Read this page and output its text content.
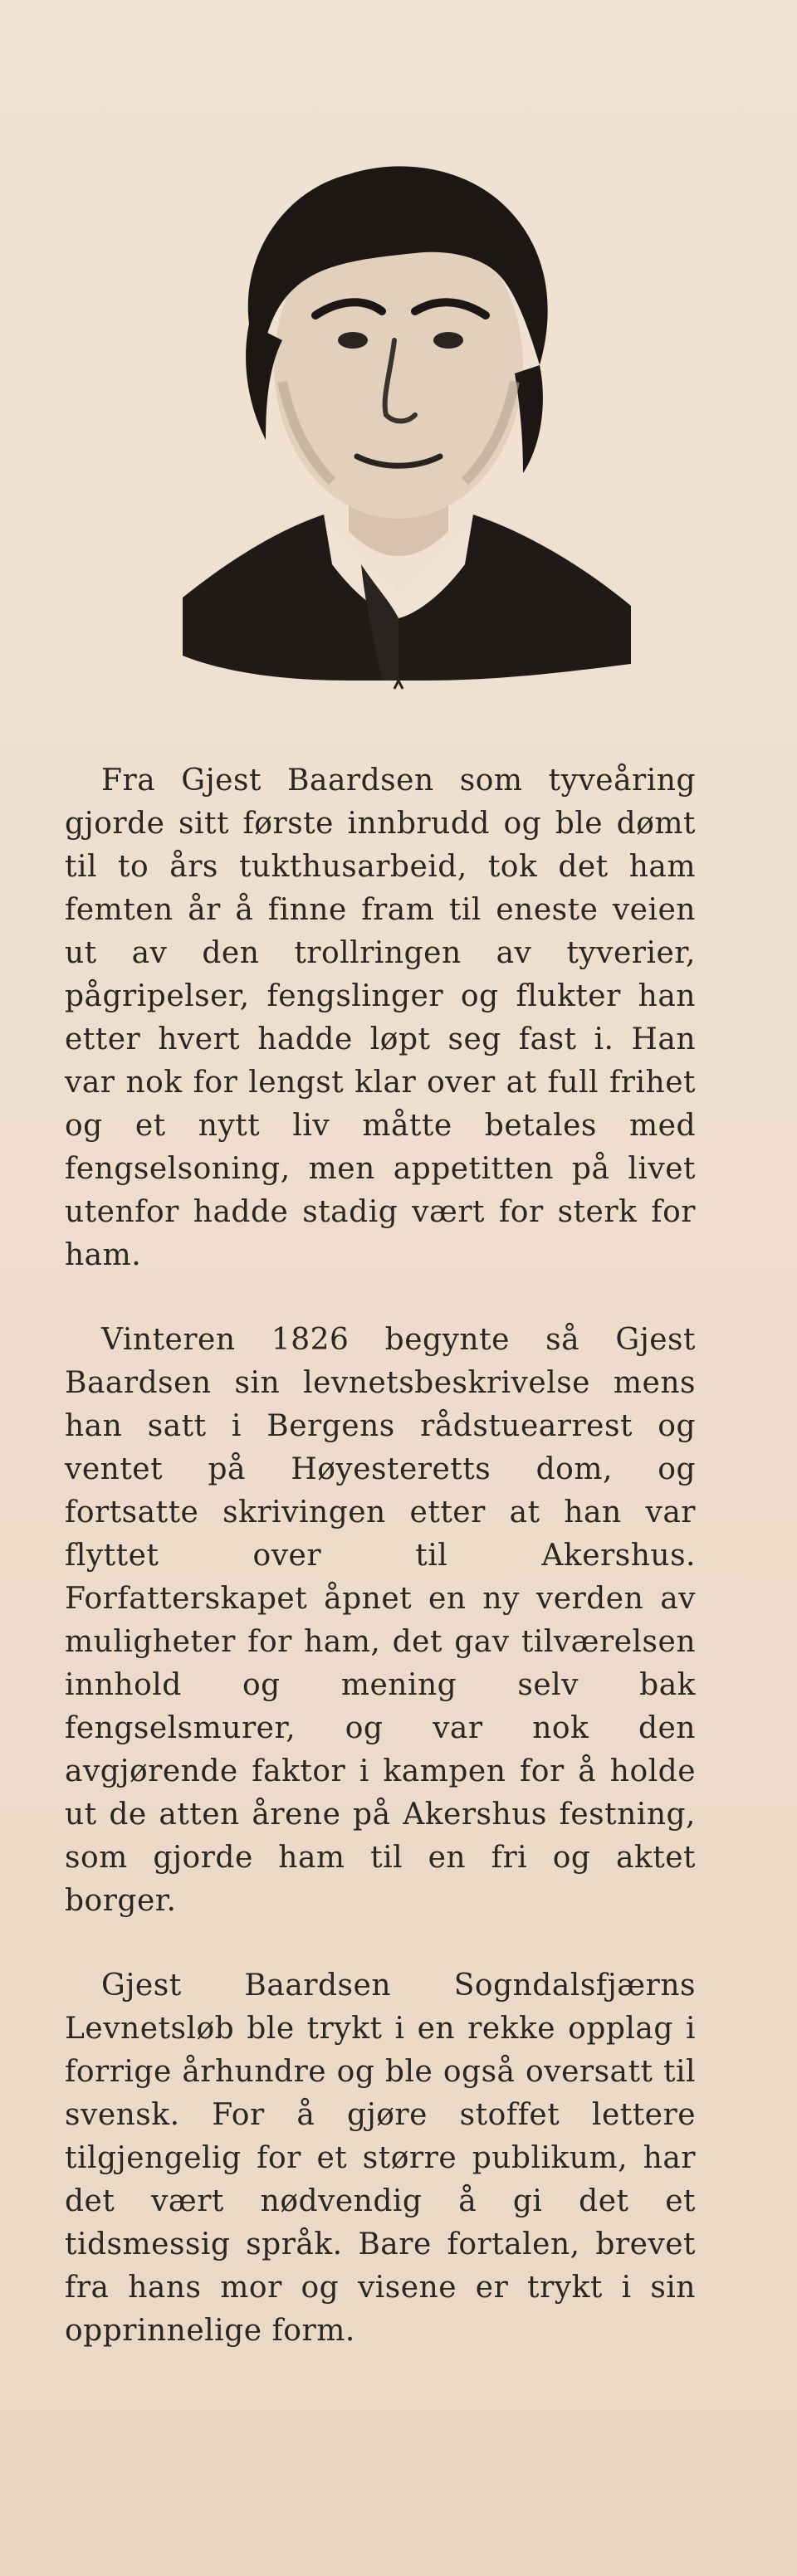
Fra Gjest Baardsen som tyveåring gjorde sitt første innbrudd og ble dømt til to års tukthusarbeid, tok det ham femten år å finne fram til eneste veien ut av den trollringen av tyverier, pågripelser, fengslinger og flukter han etter hvert hadde løpt seg fast i. Han var nok for lengst klar over at full frihet og et nytt liv måtte betales med fengselsoning, men appetitten på livet utenfor hadde stadig vært for sterk for ham.

Vinteren 1826 begynte så Gjest Baardsen sin levnetsbeskrivelse mens han satt i Bergens rådstuearrest og ventet på Høyesteretts dom, og fortsatte skrivingen etter at han var flyttet over til Akershus. Forfatterskapet åpnet en ny verden av muligheter for ham, det gav tilværelsen innhold og mening selv bak fengselsmurer, og var nok den avgjørende faktor i kampen for å holde ut de atten årene på Akershus festning, som gjorde ham til en fri og aktet borger.

Gjest Baardsen Sogndalsfjærns Levnetsløb ble trykt i en rekke opplag i forrige århundre og ble også oversatt til svensk. For å gjøre stoffet lettere tilgjengelig for et større publikum, har det vært nødvendig å gi det et tidsmessig språk. Bare fortalen, brevet fra hans mor og visene er trykt i sin opprinnelige form.
